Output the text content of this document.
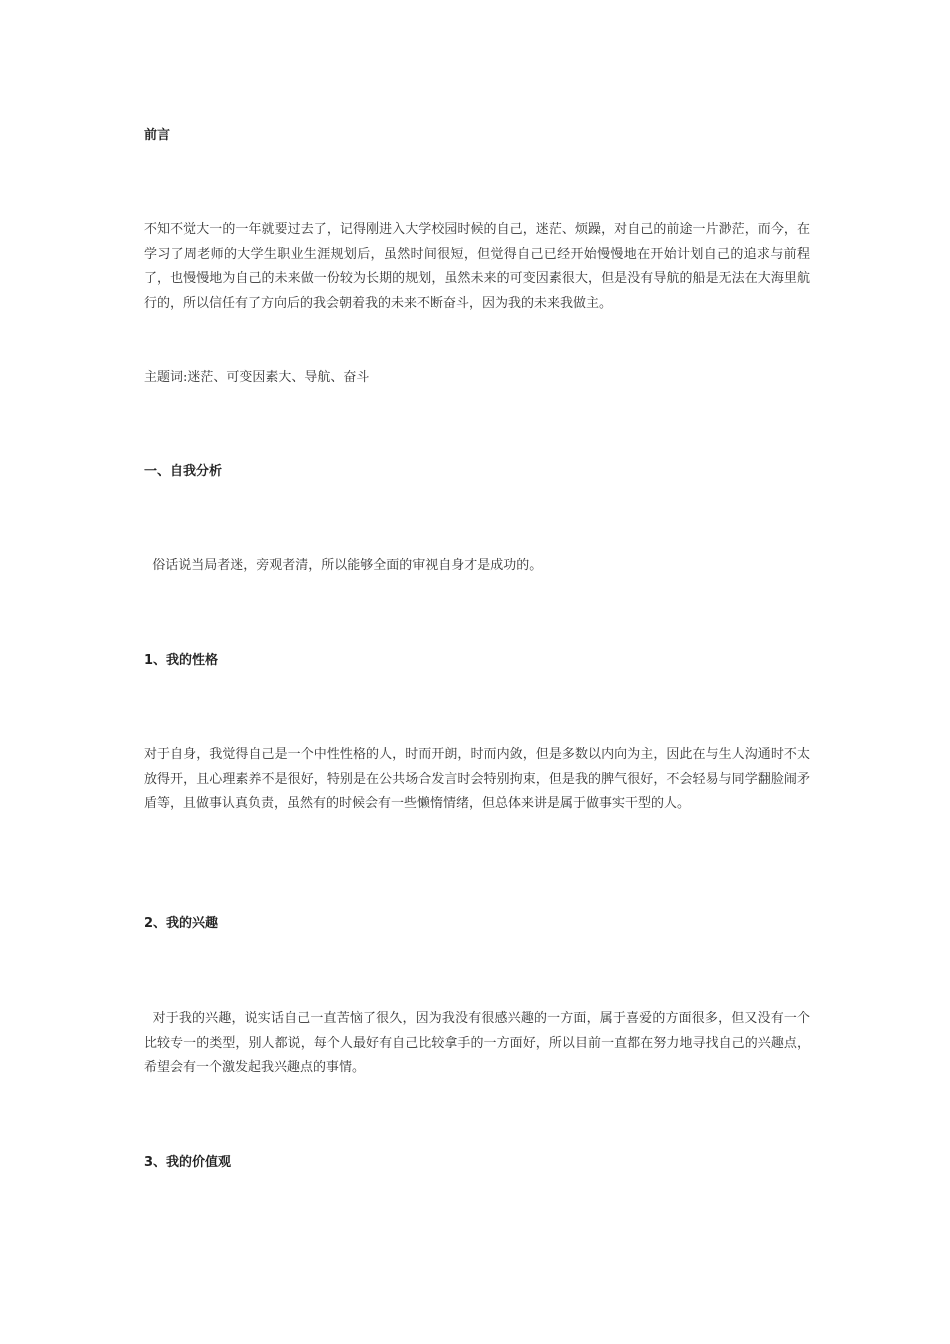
前言
不知不觉大一的一年就要过去了，记得刚进入大学校园时候的自己，迷茫、烦躁，对自己的前途一片渺茫，而今，在学习了周老师的大学生职业生涯规划后，虽然时间很短，但觉得自己已经开始慢慢地在开始计划自己的追求与前程了，也慢慢地为自己的未来做一份较为长期的规划，虽然未来的可变因素很大，但是没有导航的船是无法在大海里航行的，所以信任有了方向后的我会朝着我的未来不断奋斗，因为我的未来我做主。
主题词:迷茫、可变因素大、导航、奋斗
一、自我分析
俗话说当局者迷，旁观者清，所以能够全面的审视自身才是成功的。
1、我的性格
对于自身，我觉得自己是一个中性性格的人，时而开朗，时而内敛，但是多数以内向为主，因此在与生人沟通时不太放得开，且心理素养不是很好，特别是在公共场合发言时会特别拘束，但是我的脾气很好，不会轻易与同学翻脸闹矛盾等，且做事认真负责，虽然有的时候会有一些懒惰情绪，但总体来讲是属于做事实干型的人。
2、我的兴趣
对于我的兴趣，说实话自己一直苦恼了很久，因为我没有很感兴趣的一方面，属于喜爱的方面很多，但又没有一个比较专一的类型，别人都说，每个人最好有自己比较拿手的一方面好，所以目前一直都在努力地寻找自己的兴趣点，希望会有一个激发起我兴趣点的事情。
3、我的价值观
